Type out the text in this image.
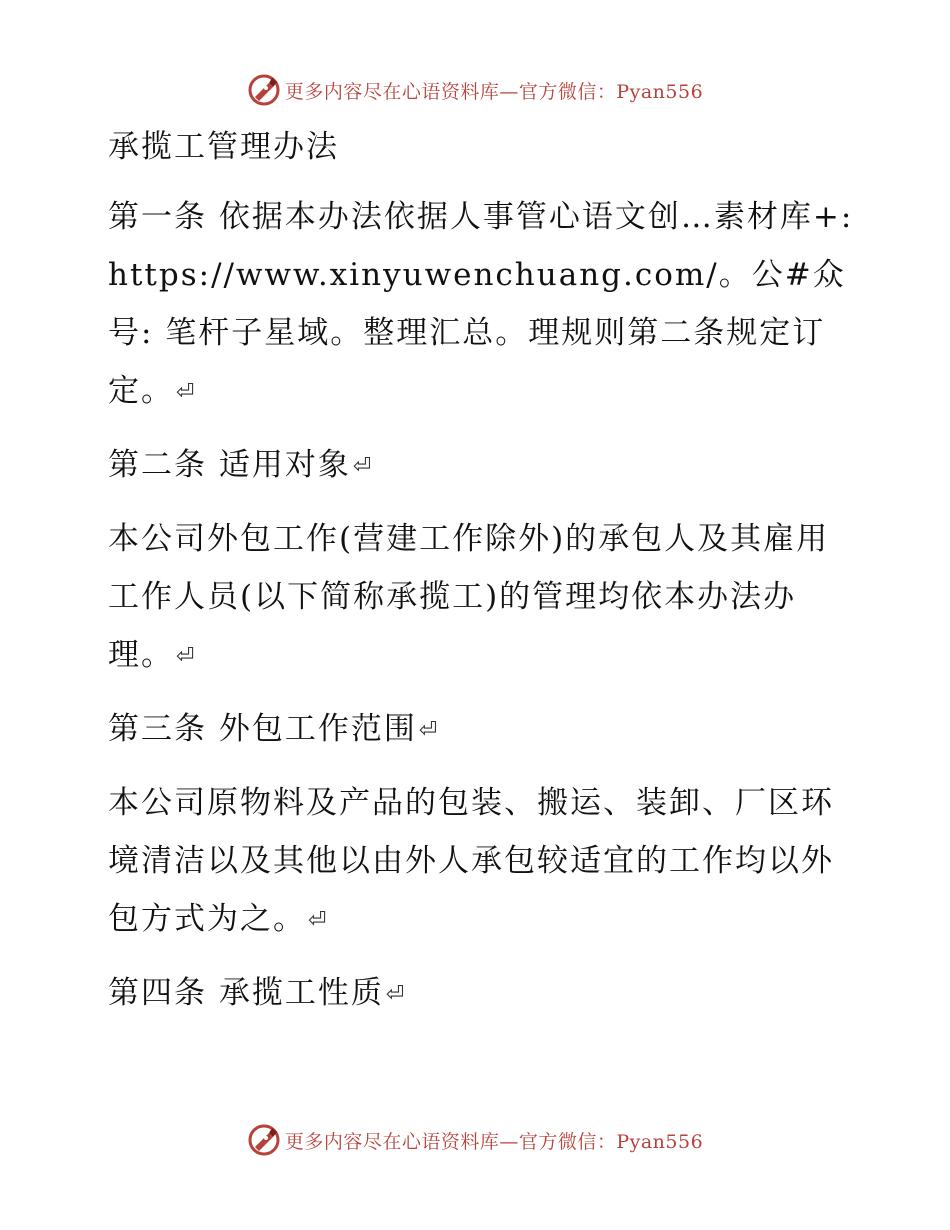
更多内容尽在心语资料库—官方微信：Pyan556

承揽工管理办法

第一条 依据本办法依据人事管心语文创…素材库+: https://www.xinyuwenchuang.com/。公#众号: 笔杆子星域。整理汇总。理规则第二条规定订定。⏎

第二条 适用对象⏎

本公司外包工作(营建工作除外)的承包人及其雇用工作人员(以下简称承揽工)的管理均依本办法办理。⏎

第三条 外包工作范围⏎

本公司原物料及产品的包装、搬运、装卸、厂区环境清洁以及其他以由外人承包较适宜的工作均以外包方式为之。⏎

第四条 承揽工性质⏎

更多内容尽在心语资料库—官方微信：Pyan556
